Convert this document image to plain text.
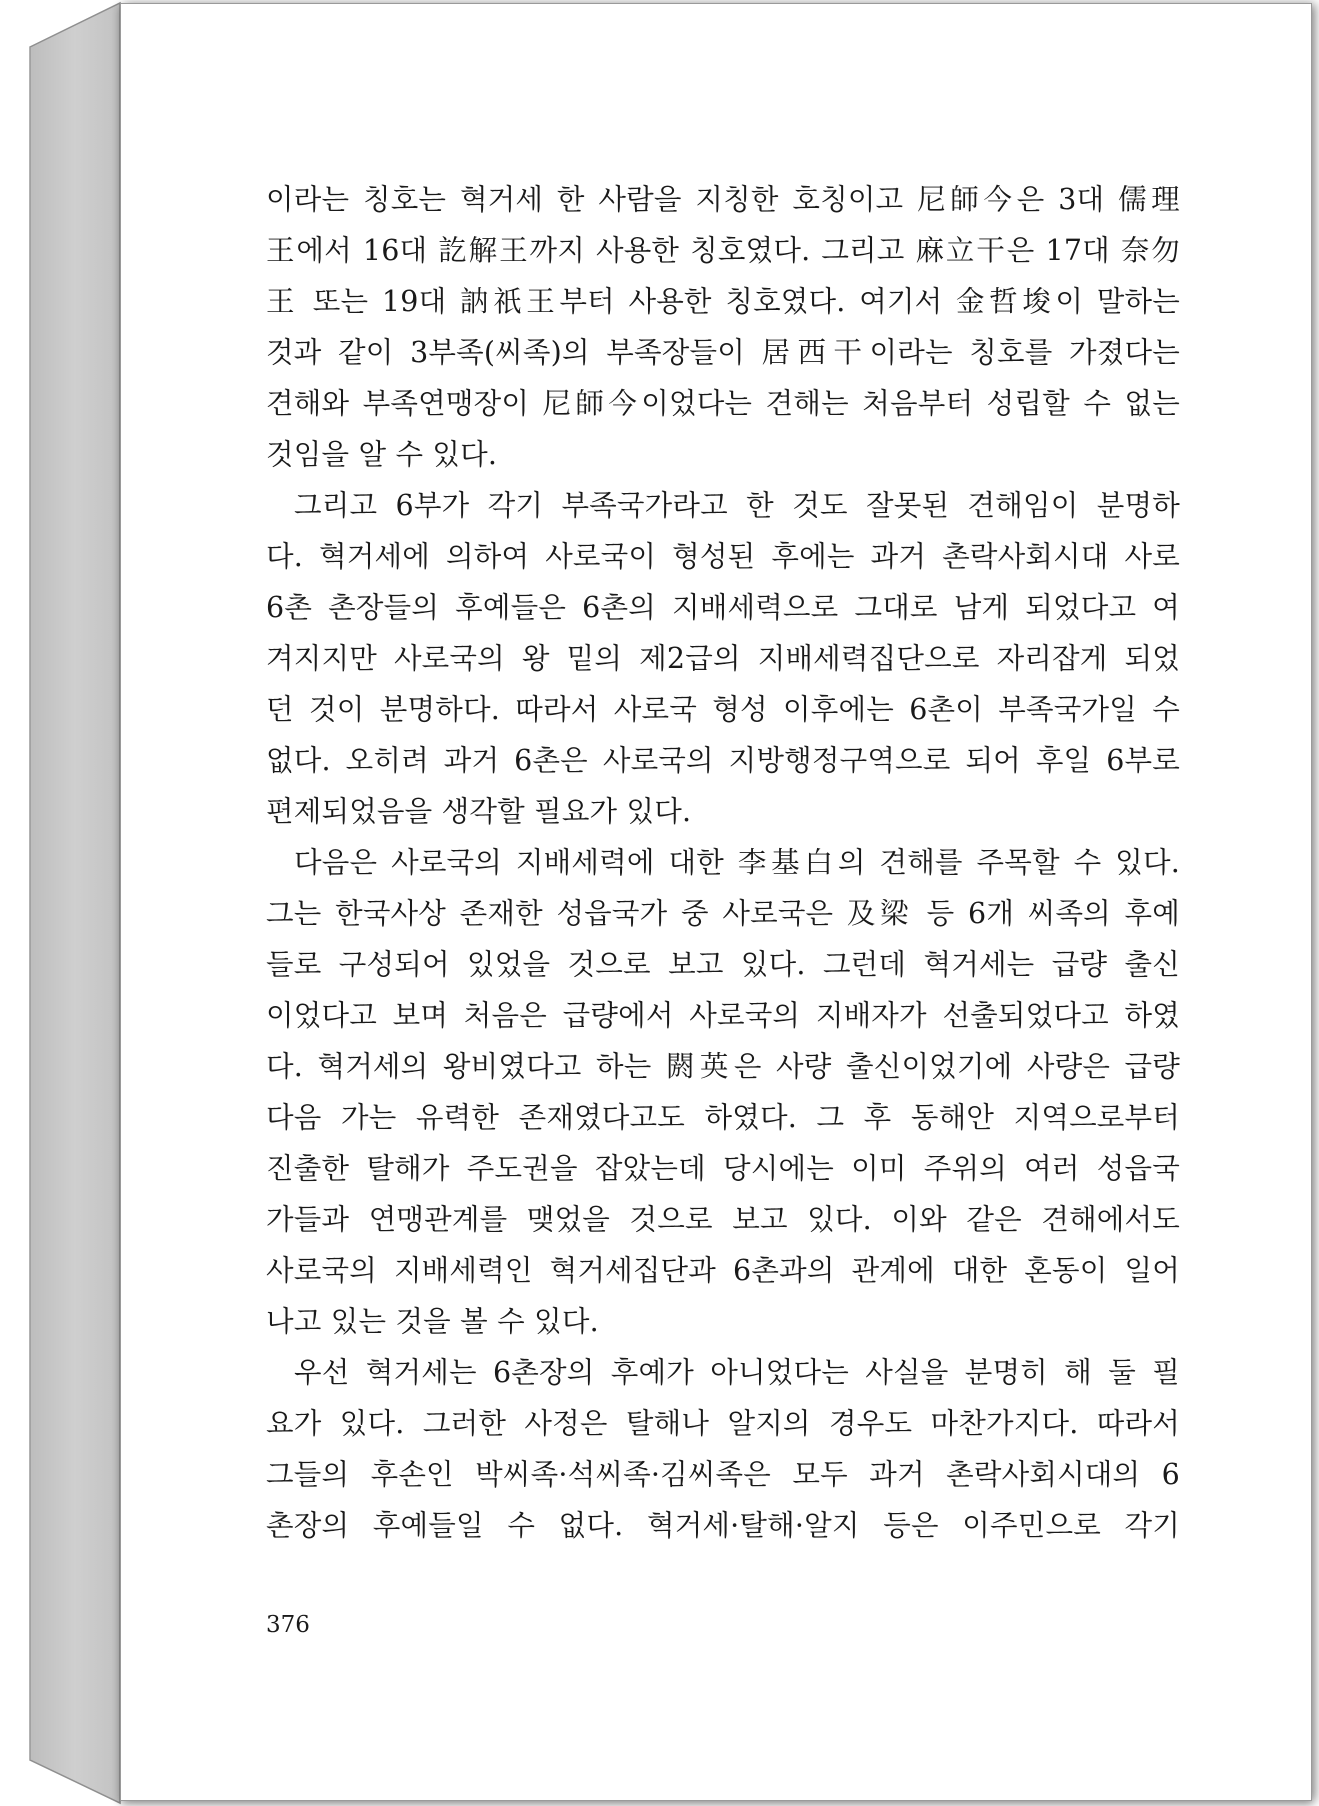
이라는 칭호는 혁거세 한 사람을 지칭한 호칭이고 尼師今은 3대 儒理
王에서 16대 訖解王까지 사용한 칭호였다. 그리고 麻立干은 17대 奈勿
王 또는 19대 訥祇王부터 사용한 칭호였다. 여기서 金哲埈이 말하는
것과 같이 3부족(씨족)의 부족장들이 居西干이라는 칭호를 가졌다는
견해와 부족연맹장이 尼師今이었다는 견해는 처음부터 성립할 수 없는
것임을 알 수 있다.
그리고 6부가 각기 부족국가라고 한 것도 잘못된 견해임이 분명하
다. 혁거세에 의하여 사로국이 형성된 후에는 과거 촌락사회시대 사로
6촌 촌장들의 후예들은 6촌의 지배세력으로 그대로 남게 되었다고 여
겨지지만 사로국의 왕 밑의 제2급의 지배세력집단으로 자리잡게 되었
던 것이 분명하다. 따라서 사로국 형성 이후에는 6촌이 부족국가일 수
없다. 오히려 과거 6촌은 사로국의 지방행정구역으로 되어 후일 6부로
편제되었음을 생각할 필요가 있다.
다음은 사로국의 지배세력에 대한 李基白의 견해를 주목할 수 있다.
그는 한국사상 존재한 성읍국가 중 사로국은 及梁 등 6개 씨족의 후예
들로 구성되어 있었을 것으로 보고 있다. 그런데 혁거세는 급량 출신
이었다고 보며 처음은 급량에서 사로국의 지배자가 선출되었다고 하였
다. 혁거세의 왕비였다고 하는 閼英은 사량 출신이었기에 사량은 급량
다음 가는 유력한 존재였다고도 하였다. 그 후 동해안 지역으로부터
진출한 탈해가 주도권을 잡았는데 당시에는 이미 주위의 여러 성읍국
가들과 연맹관계를 맺었을 것으로 보고 있다. 이와 같은 견해에서도
사로국의 지배세력인 혁거세집단과 6촌과의 관계에 대한 혼동이 일어
나고 있는 것을 볼 수 있다.
우선 혁거세는 6촌장의 후예가 아니었다는 사실을 분명히 해 둘 필
요가 있다. 그러한 사정은 탈해나 알지의 경우도 마찬가지다. 따라서
그들의 후손인 박씨족·석씨족·김씨족은 모두 과거 촌락사회시대의 6
촌장의 후예들일 수 없다. 혁거세·탈해·알지 등은 이주민으로 각기
376
